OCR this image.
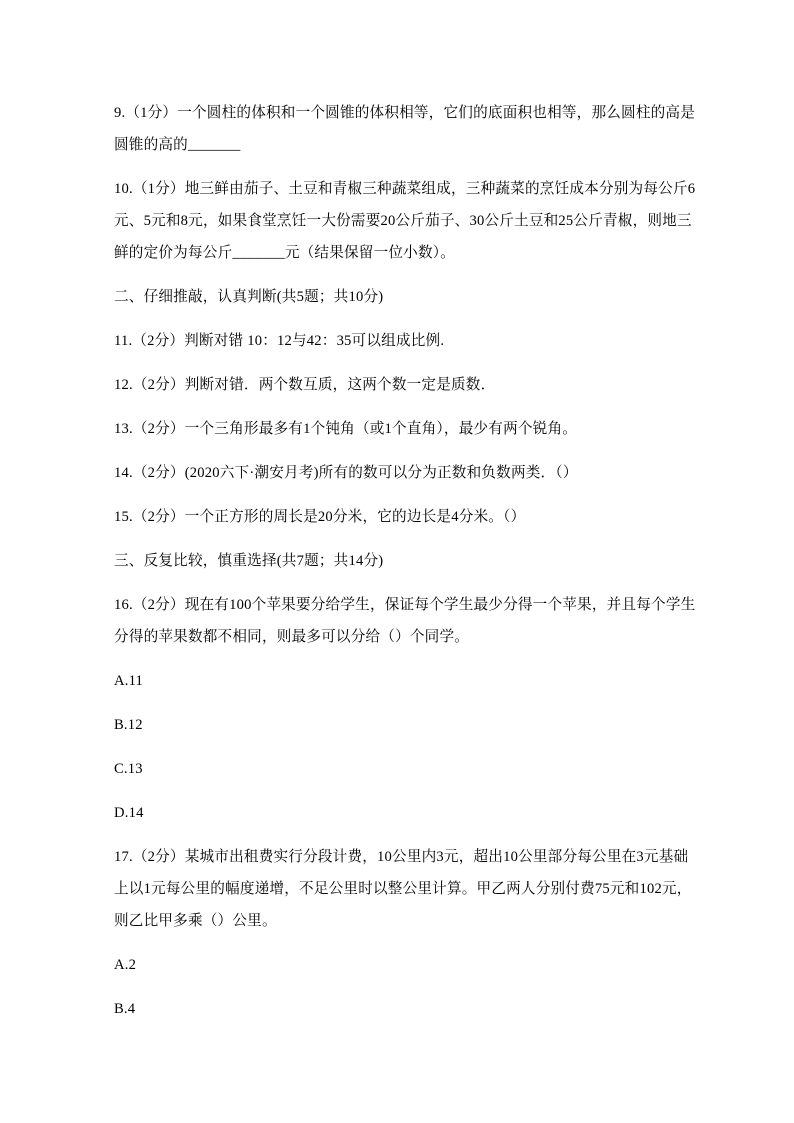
9.（1分）一个圆柱的体积和一个圆锥的体积相等，它们的底面积也相等，那么圆柱的高是

圆锥的高的_______

10.（1分）地三鲜由茄子、土豆和青椒三种蔬菜组成，三种蔬菜的烹饪成本分别为每公斤6

元、5元和8元，如果食堂烹饪一大份需要20公斤茄子、30公斤土豆和25公斤青椒，则地三

鲜的定价为每公斤_______元（结果保留一位小数）。

二、仔细推敲，认真判断(共5题；共10分)

11.（2分）判断对错 10：12与42：35可以组成比例.

12.（2分）判断对错．两个数互质，这两个数一定是质数．

13.（2分）一个三角形最多有1个钝角（或1个直角），最少有两个锐角。

14.（2分）(2020六下·潮安月考)所有的数可以分为正数和负数两类．（）

15.（2分）一个正方形的周长是20分米，它的边长是4分米。（）

三、反复比较，慎重选择(共7题；共14分)

16.（2分）现在有100个苹果要分给学生，保证每个学生最少分得一个苹果，并且每个学生

分得的苹果数都不相同，则最多可以分给（）个同学。

A.11

B.12

C.13

D.14

17.（2分）某城市出租费实行分段计费，10公里内3元，超出10公里部分每公里在3元基础

上以1元每公里的幅度递增，不足公里时以整公里计算。甲乙两人分别付费75元和102元，

则乙比甲多乘（）公里。

A.2

B.4
